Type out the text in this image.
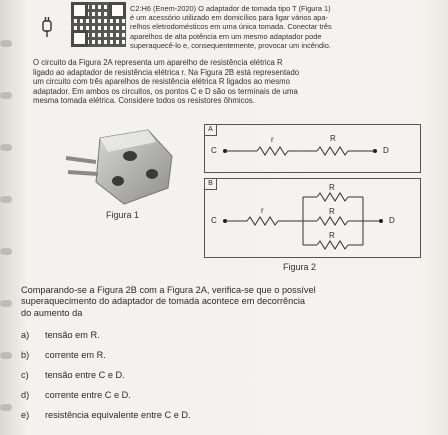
C2:H6 (Enem-2020) O adaptador de tomada tipo T (Figura 1)
é um acessório utilizado em domicílios para ligar vários apa-
relhos eletrodomésticos em uma única tomada. Conectar três
aparelhos de alta potência em um mesmo adaptador pode
superaquecê-lo e, consequentemente, provocar um incêndio.
O circuito da Figura 2A representa um aparelho de resistência elétrica R
ligado ao adaptador de resistência elétrica r. Na Figura 2B está representado
um circuito com três aparelhos de resistência elétrica R ligados ao mesmo
adaptador. Em ambos os circuitos, os pontos C e D são os terminais de uma
mesma tomada elétrica. Considere todos os resistores ôhmicos.
Figura 1
A
C
r	R
D
B
C
r
R
R
R
D
Figura 2
Comparando-se a Figura 2B com a Figura 2A, verifica-se que o possível
superaquecimento do adaptador de tomada acontece em decorrência
do aumento da
a) tensão em R.
b) corrente em R.
c) tensão entre C e D.
d) corrente entre C e D.
e) resistência equivalente entre C e D.
